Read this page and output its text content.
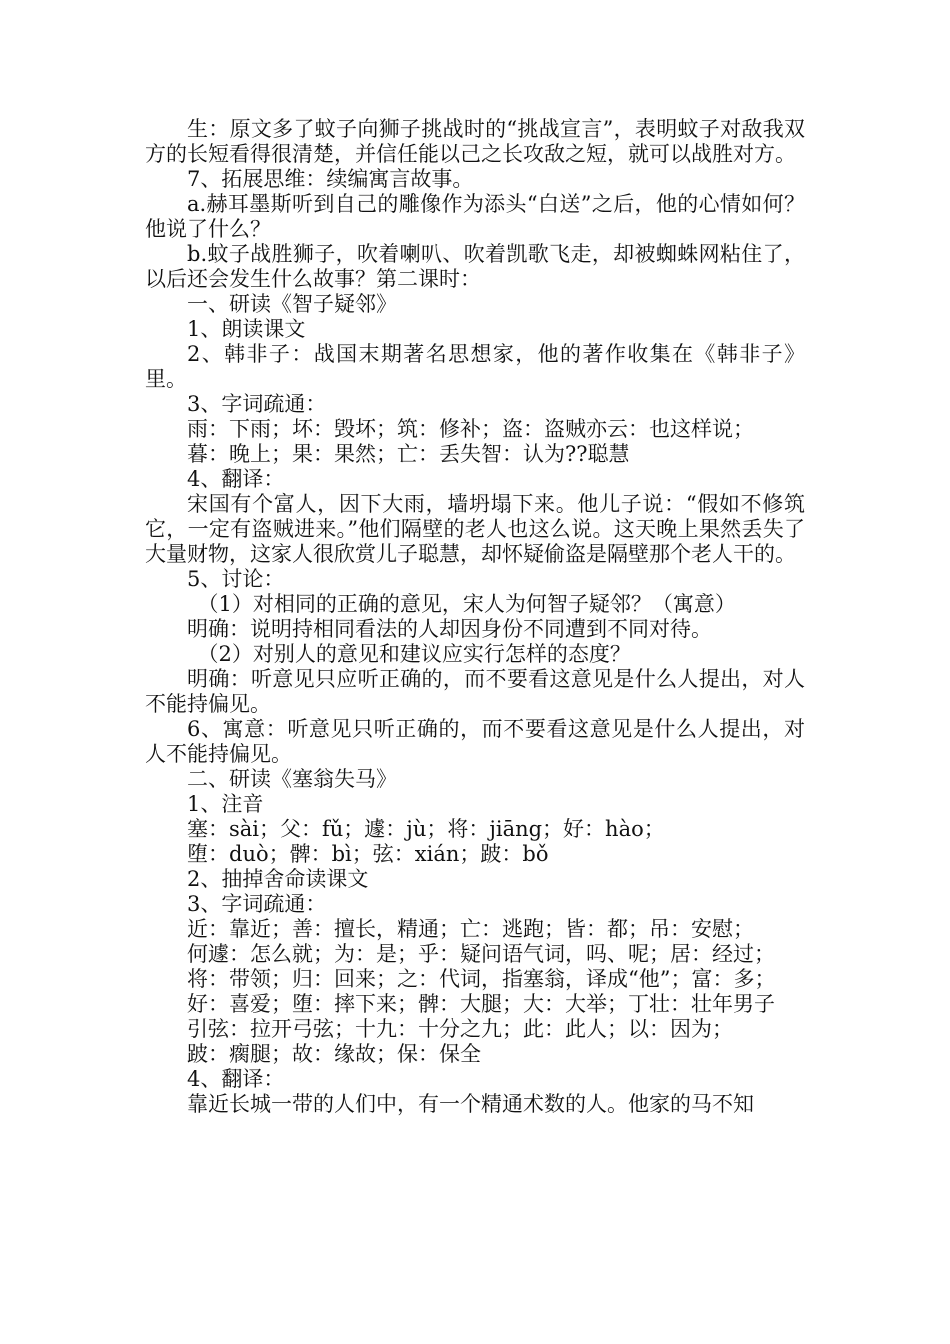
生：原文多了蚊子向狮子挑战时的“挑战宣言”，表明蚊子对敌我双方的长短看得很清楚，并信任能以己之长攻敌之短，就可以战胜对方。

7、拓展思维：续编寓言故事。

a.赫耳墨斯听到自己的雕像作为添头“白送”之后，他的心情如何？他说了什么？

b.蚊子战胜狮子，吹着喇叭、吹着凯歌飞走，却被蜘蛛网粘住了，以后还会发生什么故事？第二课时：

一、研读《智子疑邻》

1、朗读课文

2、韩非子：战国末期著名思想家，他的著作收集在《韩非子》里。

3、字词疏通：

雨：下雨；坏：毁坏；筑：修补；盗：盗贼亦云：也这样说；

暮：晚上；果：果然；亡：丢失智：认为??聪慧

4、翻译：

宋国有个富人，因下大雨，墙坍塌下来。他儿子说：“假如不修筑它，一定有盗贼进来。”他们隔壁的老人也这么说。这天晚上果然丢失了大量财物，这家人很欣赏儿子聪慧，却怀疑偷盗是隔壁那个老人干的。

5、讨论：

（1）对相同的正确的意见，宋人为何智子疑邻？（寓意）

明确：说明持相同看法的人却因身份不同遭到不同对待。

（2）对别人的意见和建议应实行怎样的态度？

明确：听意见只应听正确的，而不要看这意见是什么人提出，对人不能持偏见。

6、寓意：听意见只听正确的，而不要看这意见是什么人提出，对人不能持偏见。

二、研读《塞翁失马》

1、注音

塞：sài；父：fǔ；遽：jù；将：jiāng；好：hào；

堕：duò；髀：bì；弦：xián；跛：bǒ

2、抽掉舍命读课文

3、字词疏通：

近：靠近；善：擅长，精通；亡：逃跑；皆：都；吊：安慰；

何遽：怎么就；为：是；乎：疑问语气词，吗、呢；居：经过；

将：带领；归：回来；之：代词，指塞翁，译成“他”；富：多；

好：喜爱；堕：摔下来；髀：大腿；大：大举；丁壮：壮年男子

引弦：拉开弓弦；十九：十分之九；此：此人；以：因为；

跛：瘸腿；故：缘故；保：保全

4、翻译：

靠近长城一带的人们中，有一个精通术数的人。他家的马不知
